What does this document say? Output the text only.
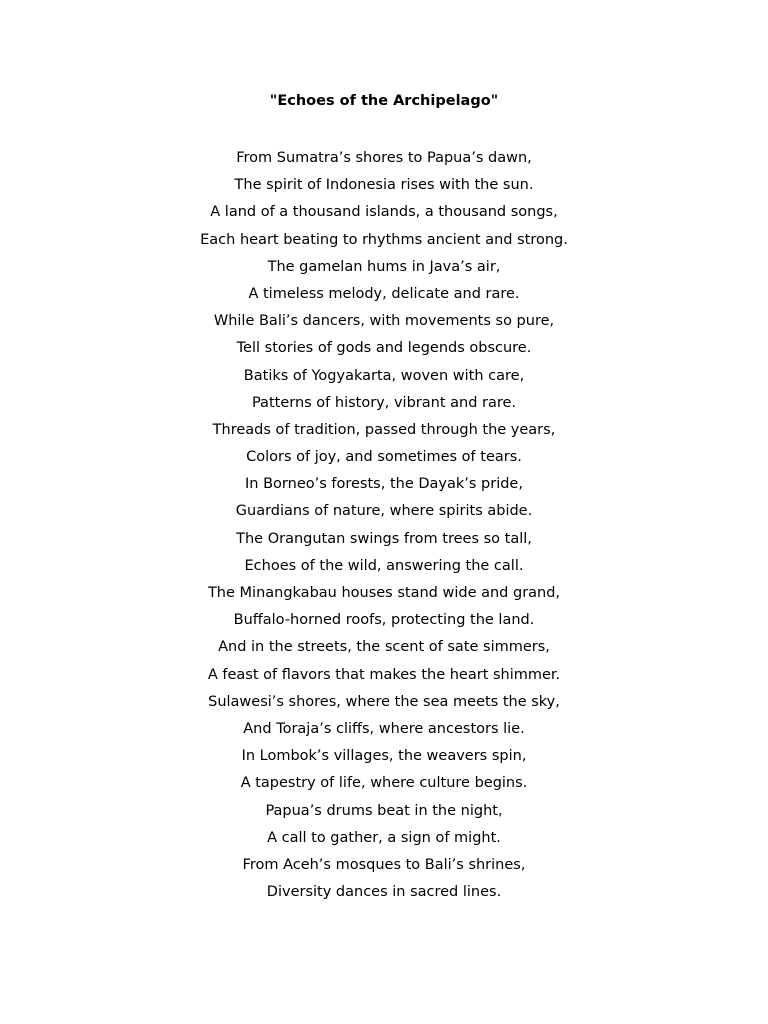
"Echoes of the Archipelago"
From Sumatra’s shores to Papua’s dawn,
The spirit of Indonesia rises with the sun.
A land of a thousand islands, a thousand songs,
Each heart beating to rhythms ancient and strong.
The gamelan hums in Java’s air,
A timeless melody, delicate and rare.
While Bali’s dancers, with movements so pure,
Tell stories of gods and legends obscure.
Batiks of Yogyakarta, woven with care,
Patterns of history, vibrant and rare.
Threads of tradition, passed through the years,
Colors of joy, and sometimes of tears.
In Borneo’s forests, the Dayak’s pride,
Guardians of nature, where spirits abide.
The Orangutan swings from trees so tall,
Echoes of the wild, answering the call.
The Minangkabau houses stand wide and grand,
Buffalo-horned roofs, protecting the land.
And in the streets, the scent of sate simmers,
A feast of flavors that makes the heart shimmer.
Sulawesi’s shores, where the sea meets the sky,
And Toraja’s cliffs, where ancestors lie.
In Lombok’s villages, the weavers spin,
A tapestry of life, where culture begins.
Papua’s drums beat in the night,
A call to gather, a sign of might.
From Aceh’s mosques to Bali’s shrines,
Diversity dances in sacred lines.
